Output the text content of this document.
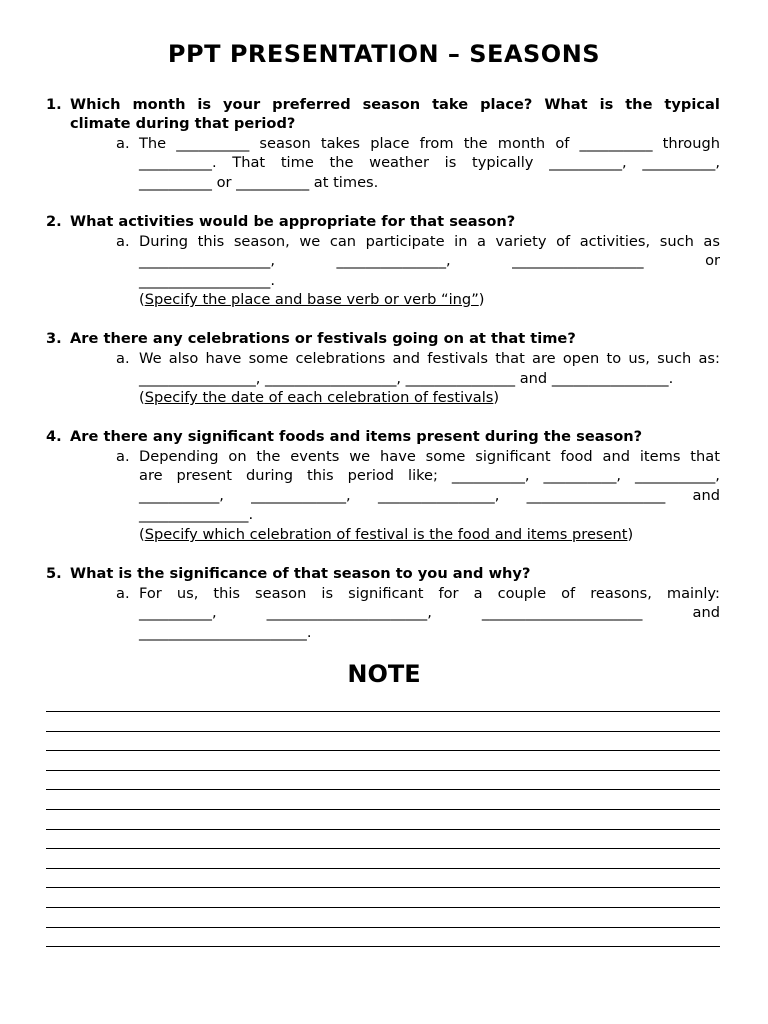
PPT PRESENTATION – SEASONS
1. Which month is your preferred season take place? What is the typical
climate during that period?
a. The __________ season takes place from the month of __________ through
__________. That time the weather is typically __________, __________,
__________ or __________ at times.
2. What activities would be appropriate for that season?
a. During this season, we can participate in a variety of activities, such as
__________________,	_______________,	__________________	or
__________________.
(Specify the place and base verb or verb “ing”)
3. Are there any celebrations or festivals going on at that time?
a. We also have some celebrations and festivals that are open to us, such as:
________________, __________________, _______________ and ________________.
(Specify the date of each celebration of festivals)
4. Are there any significant foods and items present during the season?
a. Depending on the events we have some significant food and items that
are present during this period like; __________, __________, ___________,
___________, _____________, ________________, ___________________ and
_______________.
(Specify which celebration of festival is the food and items present)
5. What is the significance of that season to you and why?
a. For us, this season is significant for a couple of reasons, mainly:
__________,	______________________,	______________________	and
_______________________.
NOTE
